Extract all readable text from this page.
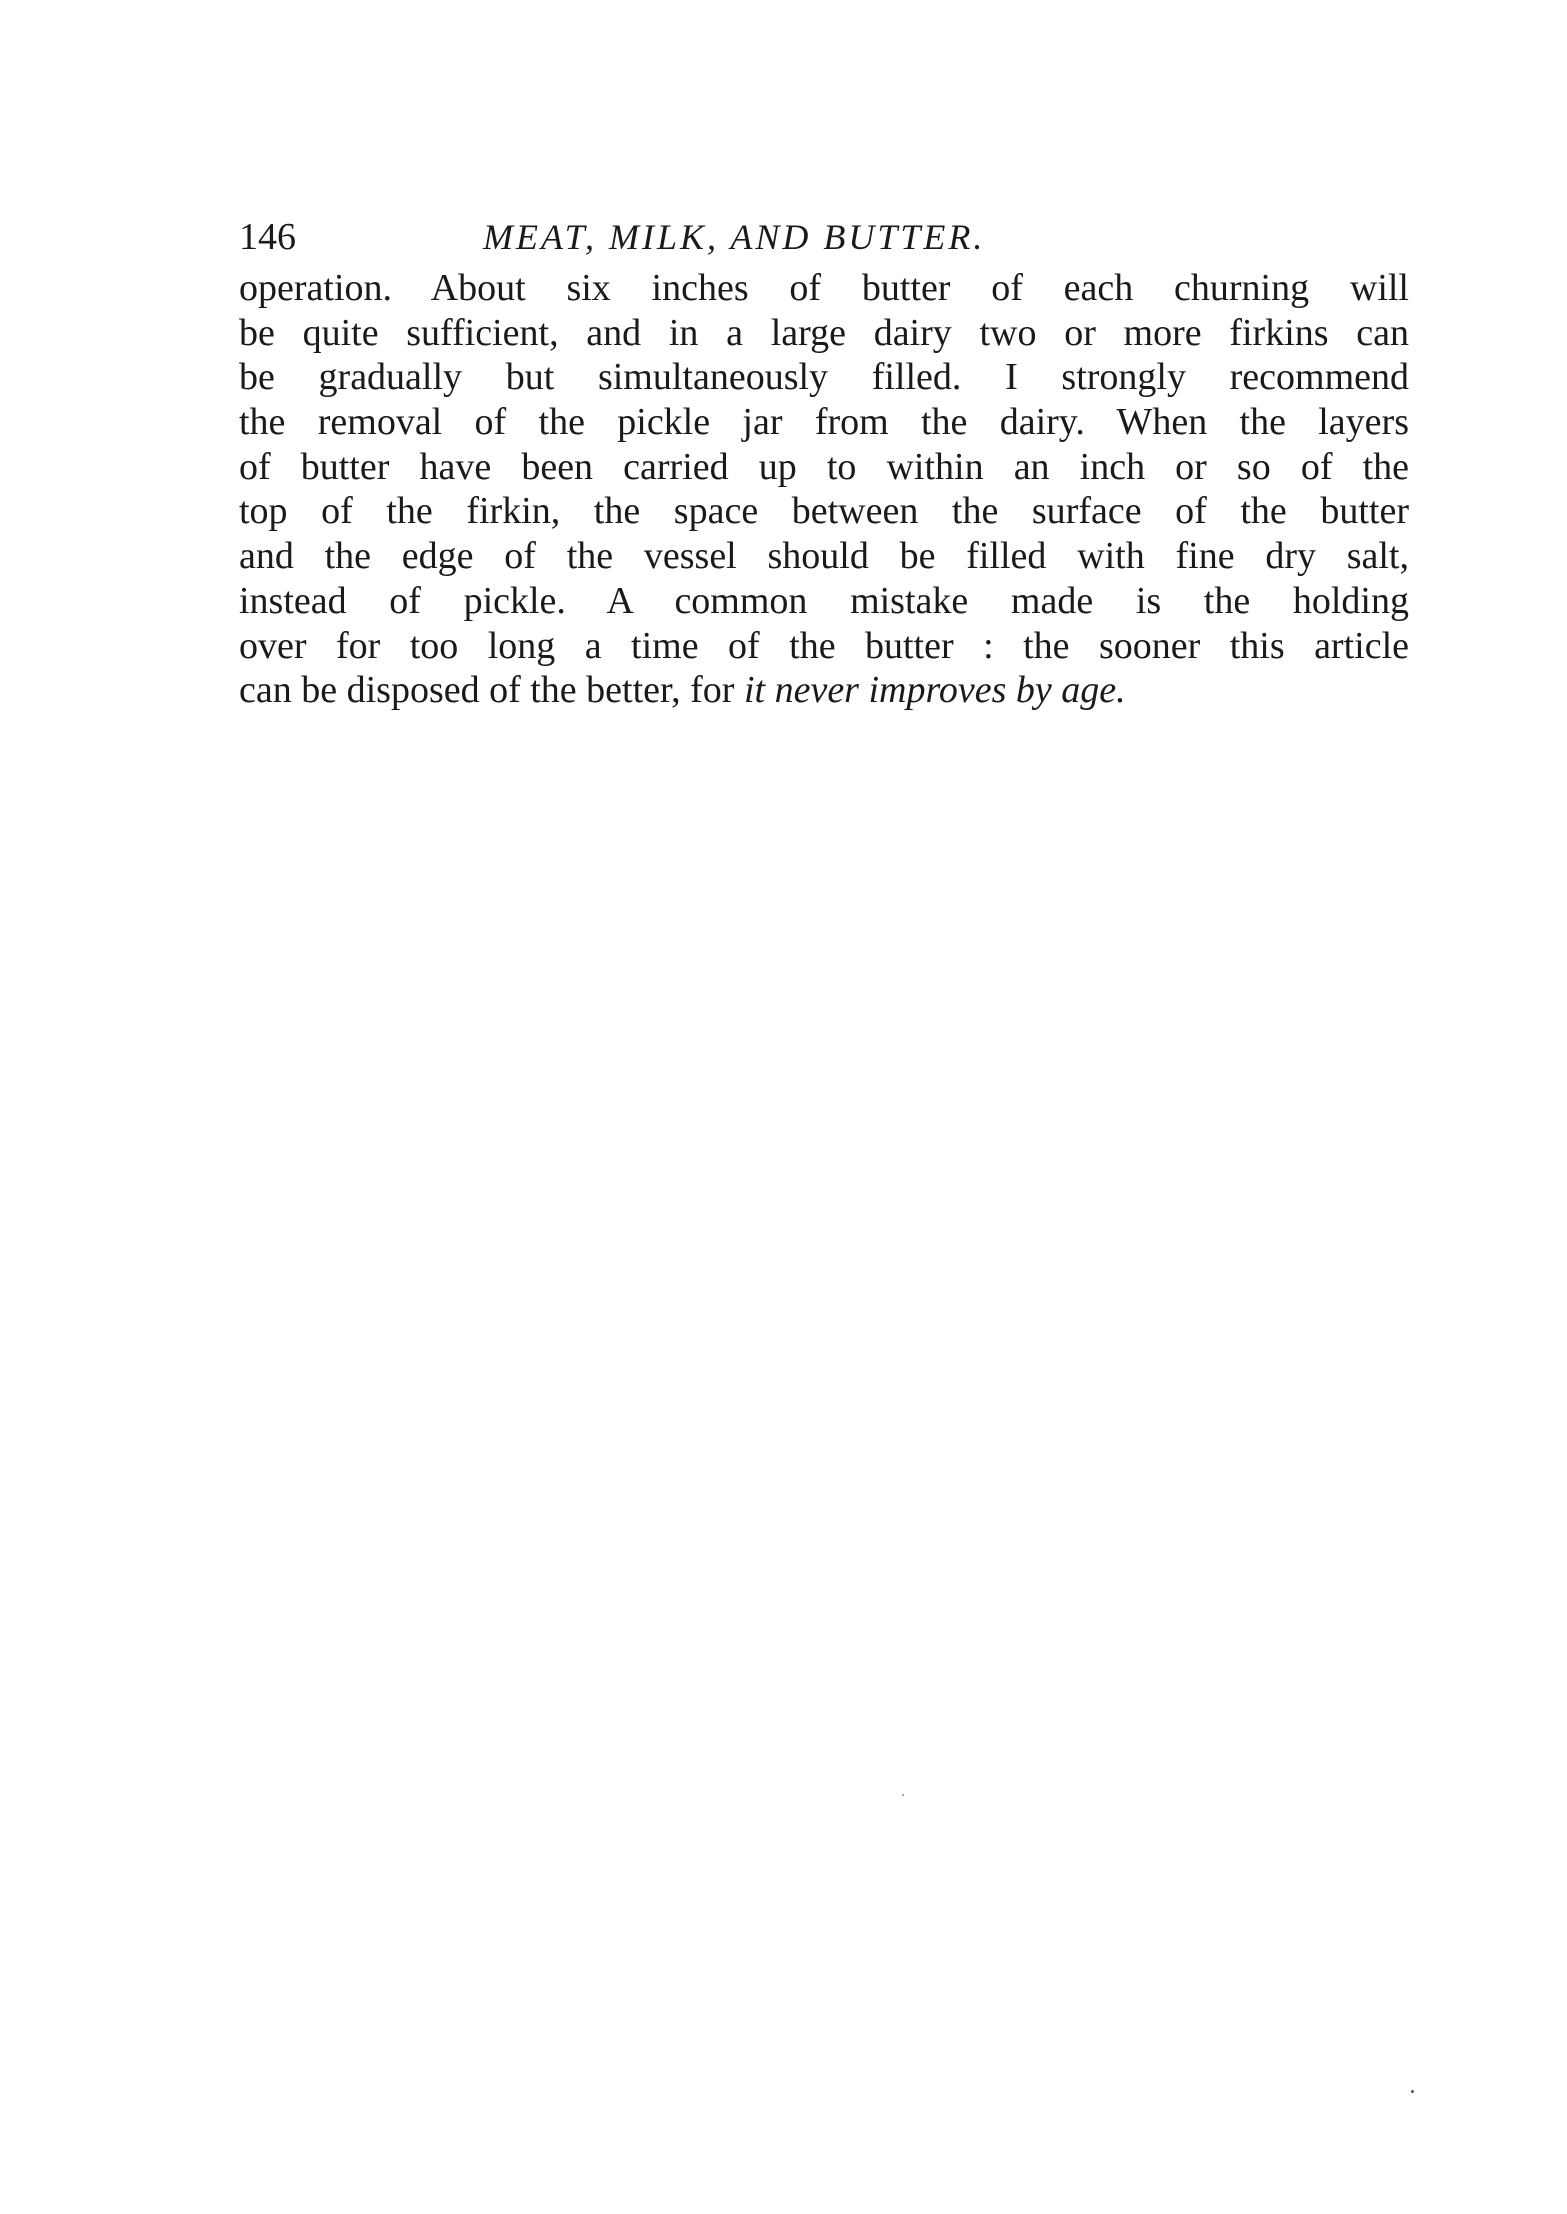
146	MEAT, MILK, AND BUTTER.
operation. About six inches of butter of each churning will
be quite sufficient, and in a large dairy two or more firkins can
be gradually but simultaneously filled. I strongly recommend
the removal of the pickle jar from the dairy. When the layers
of butter have been carried up to within an inch or so of the
top of the firkin, the space between the surface of the butter
and the edge of the vessel should be filled with fine dry salt,
instead of pickle. A common mistake made is the holding
over for too long a time of the butter : the sooner this article
can be disposed of the better, for it never improves by age.
